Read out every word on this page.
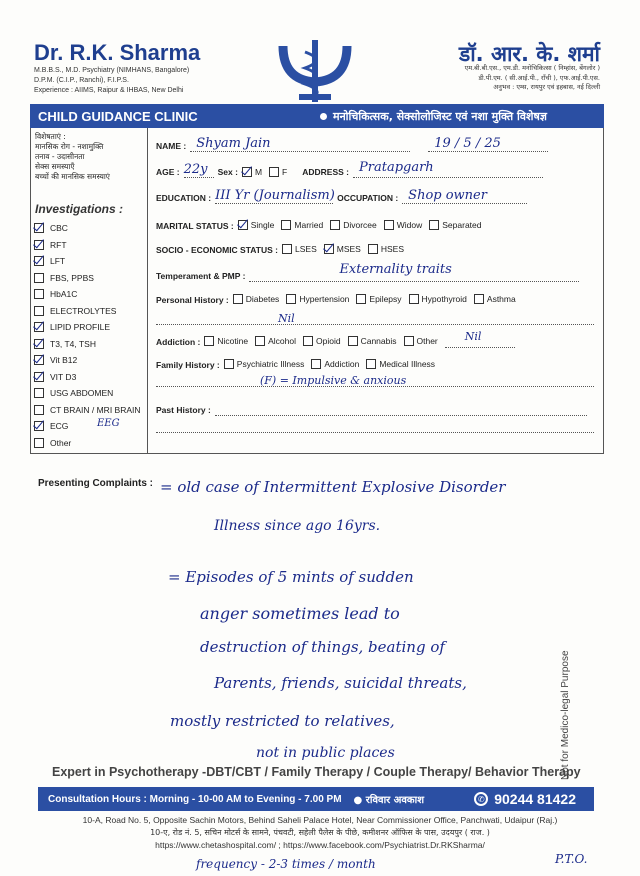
Dr. R.K. Sharma
M.B.B.S., M.D. Psychiatry (NIMHANS, Bangalore)
D.P.M. (C.I.P., Ranchi), F.I.P.S.
Experience : AIIMS, Raipur & IHBAS, New Delhi
डॉ. आर. के. शर्मा
एम.बी.बी.एस., एम.डी. मनोचिकित्सा ( निम्हांस, बेंगलोर )
डी.पी.एम. ( सी.आई.पी., राँची ), एफ.आई.पी.एस.
अनुभव : एम्स, रायपुर एवं इहबास, नई दिल्ली
CHILD GUIDANCE CLINIC	मनोचिकित्सक, सेक्सोलोजिस्ट एवं नशा मुक्ति विशेषज्ञ
विशेषताएं :
मानसिक रोग - नशामुक्ति
तनाव - उदासीनता
सेक्स समस्याएँ
बच्चों की मानसिक समस्याएं
Investigations :
CBC
RFT
LFT
FBS, PPBS
HbA1C
ELECTROLYTES
LIPID PROFILE
T3, T4, TSH
Vit B12
VIT D3
USG ABDOMEN
CT BRAIN / MRI BRAIN
ECG
Other
EEG
NAME : Shyam Jain	19 / 5 / 25
AGE : 22y Sex : M F ADDRESS : Pratapgarh
EDUCATION : III Yr (Journalism) OCCUPATION : Shop owner
MARITAL STATUS : Single Married Divorcee Widow Separated
SOCIO - ECONOMIC STATUS : LSES MSES HSES
Temperament & PMP :	Externality traits
Personal History : Diabetes Hypertension Epilepsy Hypothyroid Asthma
Nil
Addiction : Nicotine Alcohol Opioid Cannabis Other Nil
Family History : Psychiatric Illness Addiction Medical Illness
(F) = Impulsive & anxious
Past History :
Presenting Complaints : = old case of Intermittent Explosive Disorder
Illness since ago 16yrs.
= Episodes of 5 mints of sudden
anger sometimes lead to
destruction of things, beating of
Parents, friends, suicidal threats,
mostly restricted to relatives,
not in public places	Not for Medico-legal Purpose
Expert in Psychotherapy -DBT/CBT / Family Therapy / Couple Therapy/ Behavior Therapy
Consultation Hours : Morning - 10-00 AM to Evening - 7.00 PM ● रविवार अवकाश	✆ 90244 81422
10-A, Road No. 5, Opposite Sachin Motors, Behind Saheli Palace Hotel, Near Commissioner Office, Panchwati, Udaipur (Raj.)
10-ए, रोड नं. 5, सचिन मोटर्स के सामने, पंचवटी, सहेली पैलेस के पीछे, कमीशनर ऑफिस के पास, उदयपुर ( राज. )
https://www.chetashospital.com/ ; https://www.facebook.com/Psychiatrist.Dr.RKSharma/
frequency - 2-3 times / month	P.T.O.
